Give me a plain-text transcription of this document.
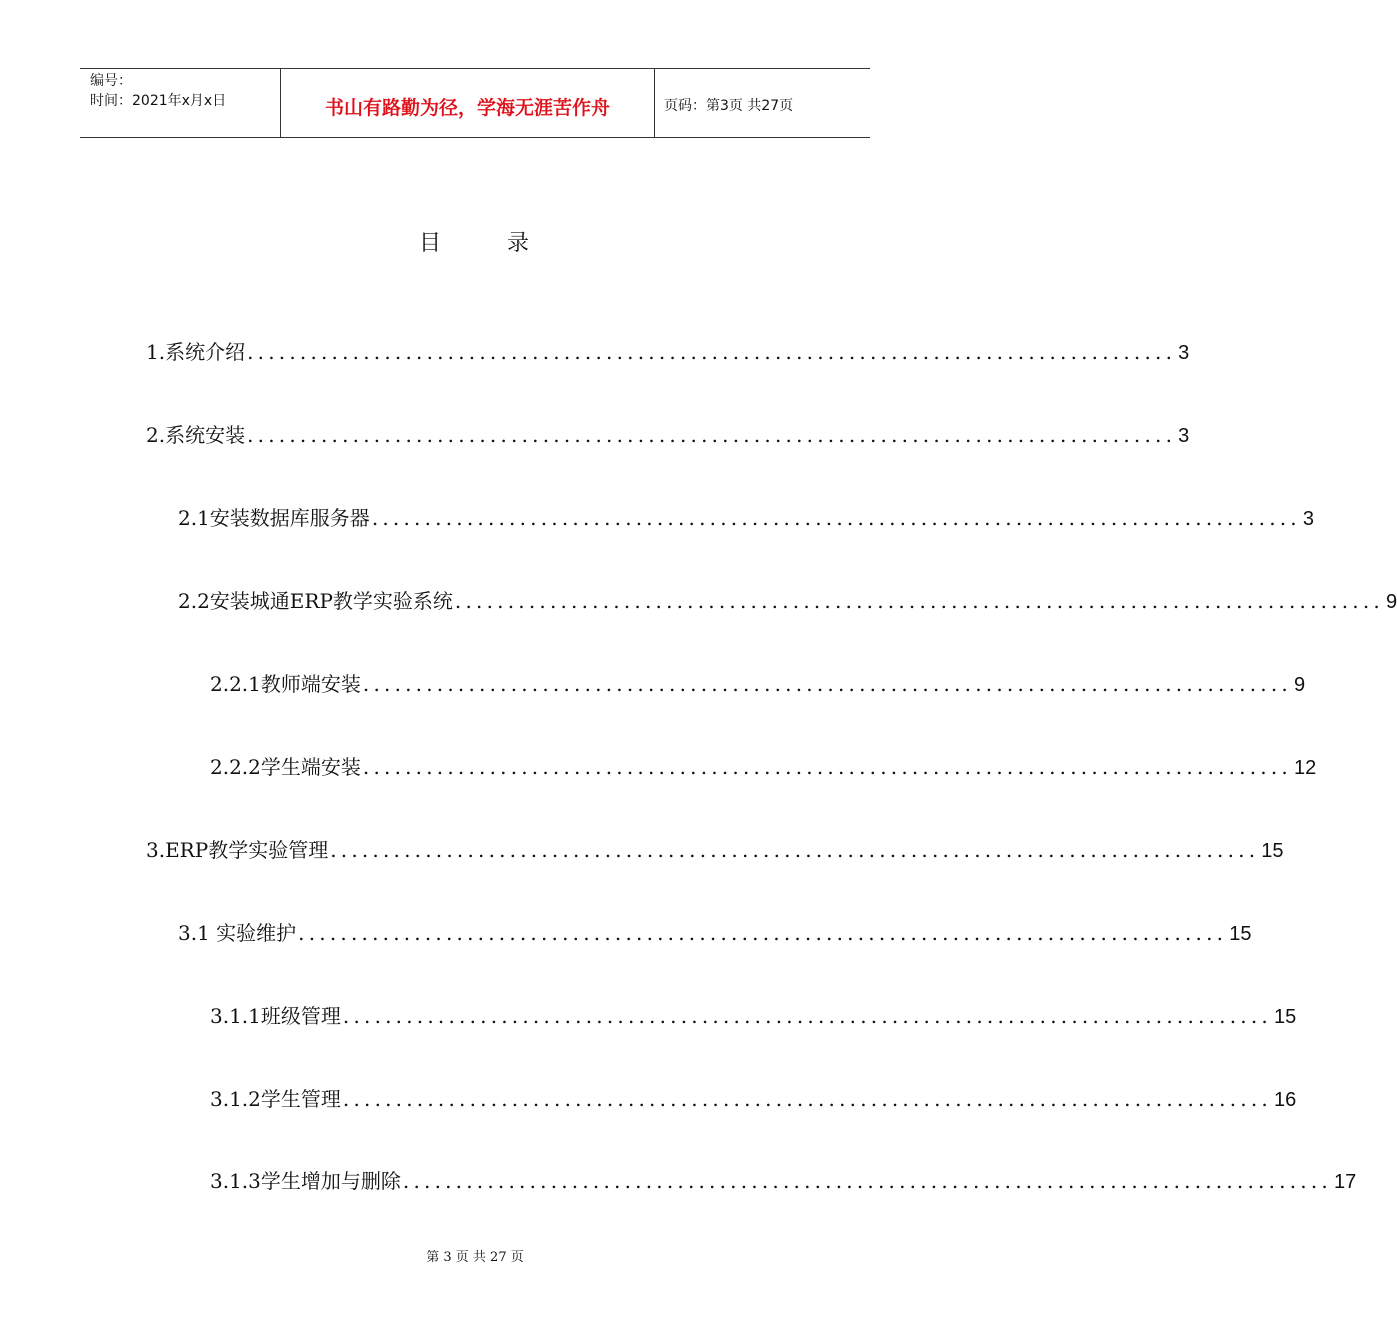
编号：
时间：2021年x月x日	书山有路勤为径，学海无涯苦作舟	页码：第3页 共27页
目	录
1.系统介绍 ........................................................................................ 3
2.系统安装 ........................................................................................ 3
2.1安装数据库服务器 ........................................................................................ 3
2.2安装城通ERP教学实验系统 ........................................................................................ 9
2.2.1教师端安装 ........................................................................................ 9
2.2.2学生端安装 ........................................................................................ 12
3.ERP教学实验管理 ........................................................................................ 15
3.1 实验维护 ........................................................................................ 15
3.1.1班级管理 ........................................................................................ 15
3.1.2学生管理 ........................................................................................ 16
3.1.3学生增加与删除 ........................................................................................ 17
第 3 页 共 27 页
